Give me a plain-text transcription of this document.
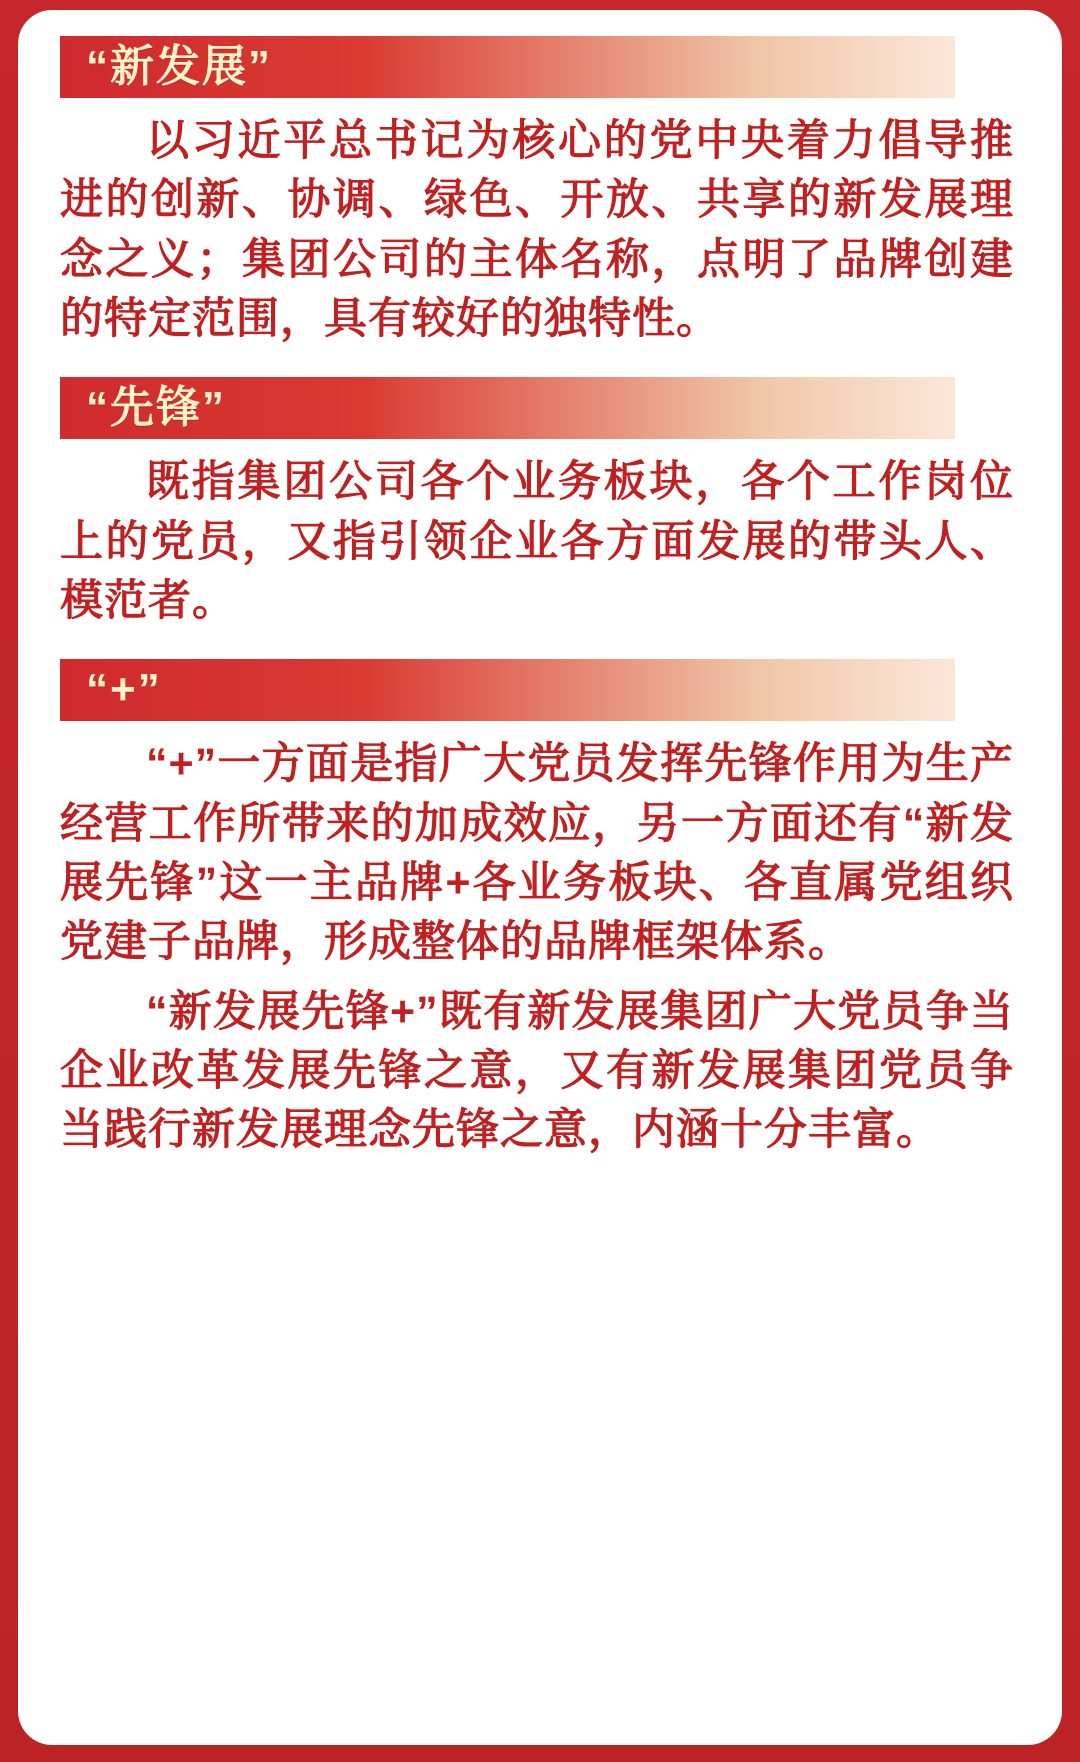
“新发展”

以习近平总书记为核心的党中央着力倡导推进的创新、协调、绿色、开放、共享的新发展理念之义；集团公司的主体名称，点明了品牌创建的特定范围，具有较好的独特性。

“先锋”

既指集团公司各个业务板块，各个工作岗位上的党员，又指引领企业各方面发展的带头人、模范者。

“+”

“+”一方面是指广大党员发挥先锋作用为生产经营工作所带来的加成效应，另一方面还有“新发展先锋”这一主品牌+各业务板块、各直属党组织党建子品牌，形成整体的品牌框架体系。

“新发展先锋+”既有新发展集团广大党员争当企业改革发展先锋之意，又有新发展集团党员争当践行新发展理念先锋之意，内涵十分丰富。
